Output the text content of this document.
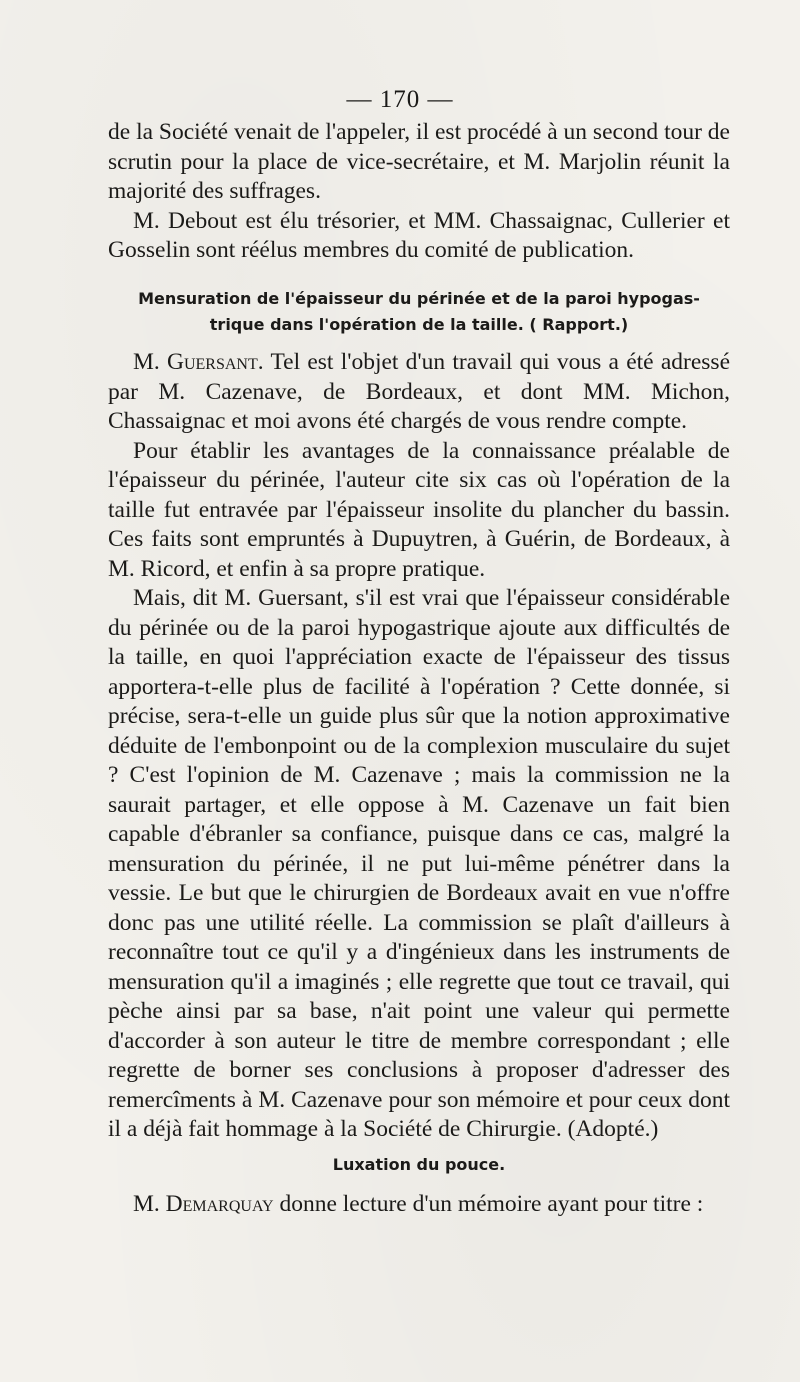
— 170 —

de la Société venait de l'appeler, il est procédé à un second tour de scrutin pour la place de vice-secrétaire, et M. Marjolin réunit la majorité des suffrages.

M. Debout est élu trésorier, et MM. Chassaignac, Cullerier et Gosselin sont réélus membres du comité de publication.

Mensuration de l'épaisseur du périnée et de la paroi hypogas-
trique dans l'opération de la taille. ( Rapport.)

M. Guersant. Tel est l'objet d'un travail qui vous a été adressé par M. Cazenave, de Bordeaux, et dont MM. Michon, Chassaignac et moi avons été chargés de vous rendre compte.

Pour établir les avantages de la connaissance préalable de l'épaisseur du périnée, l'auteur cite six cas où l'opération de la taille fut entravée par l'épaisseur insolite du plancher du bassin. Ces faits sont empruntés à Dupuytren, à Guérin, de Bordeaux, à M. Ricord, et enfin à sa propre pratique.

Mais, dit M. Guersant, s'il est vrai que l'épaisseur considérable du périnée ou de la paroi hypogastrique ajoute aux difficultés de la taille, en quoi l'appréciation exacte de l'épaisseur des tissus apportera-t-elle plus de facilité à l'opération ? Cette donnée, si précise, sera-t-elle un guide plus sûr que la notion approximative déduite de l'embonpoint ou de la complexion musculaire du sujet ? C'est l'opinion de M. Cazenave ; mais la commission ne la saurait partager, et elle oppose à M. Cazenave un fait bien capable d'ébranler sa confiance, puisque dans ce cas, malgré la mensuration du périnée, il ne put lui-même pénétrer dans la vessie. Le but que le chirurgien de Bordeaux avait en vue n'offre donc pas une utilité réelle. La commission se plaît d'ailleurs à reconnaître tout ce qu'il y a d'ingénieux dans les instruments de mensuration qu'il a imaginés ; elle regrette que tout ce travail, qui pèche ainsi par sa base, n'ait point une valeur qui permette d'accorder à son auteur le titre de membre correspondant ; elle regrette de borner ses conclusions à proposer d'adresser des remercîments à M. Cazenave pour son mémoire et pour ceux dont il a déjà fait hommage à la Société de Chirurgie. (Adopté.)

Luxation du pouce.

M. Demarquay donne lecture d'un mémoire ayant pour titre :
